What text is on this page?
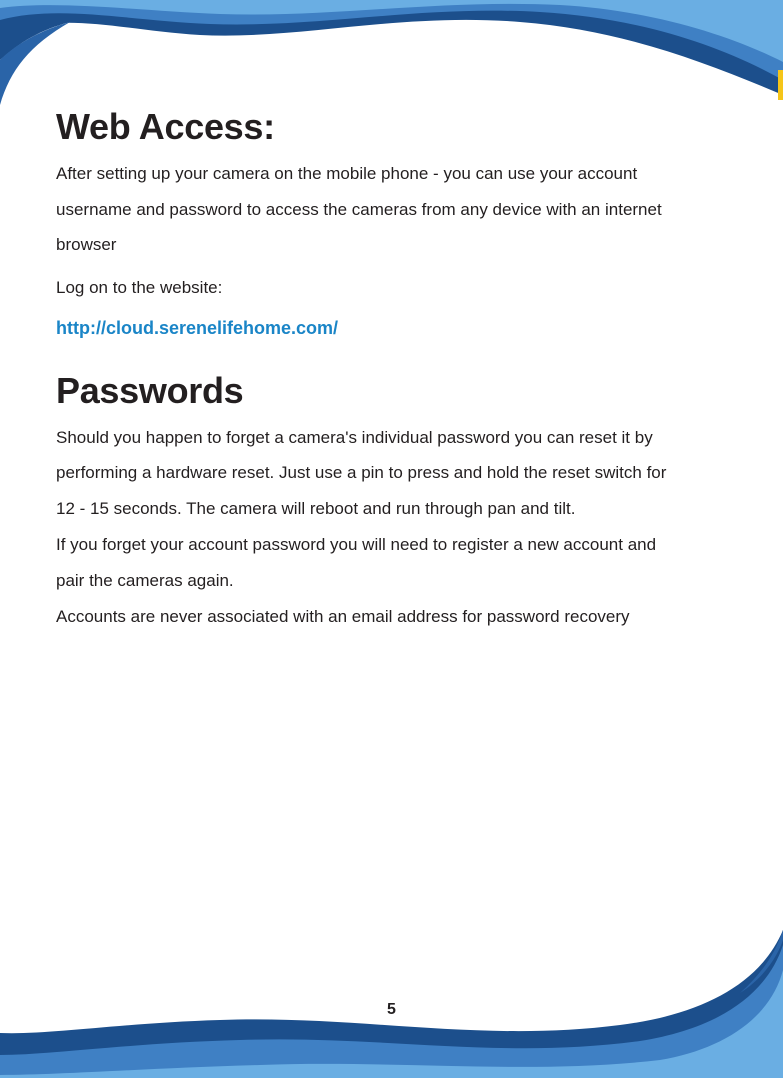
Web Access:
After setting up your camera on the mobile phone - you can use your account
username and password to access the cameras from any device with an internet
browser
Log on to the website:
http://cloud.serenelifehome.com/
Passwords
Should you happen to forget a camera's individual password you can reset it by
performing a hardware reset. Just use a pin to press and hold the reset switch for
12 - 15 seconds. The camera will reboot and run through pan and tilt.
If you forget your account password you will need to register a new account and
pair the cameras again.
Accounts are never associated with an email address for password recovery
5
